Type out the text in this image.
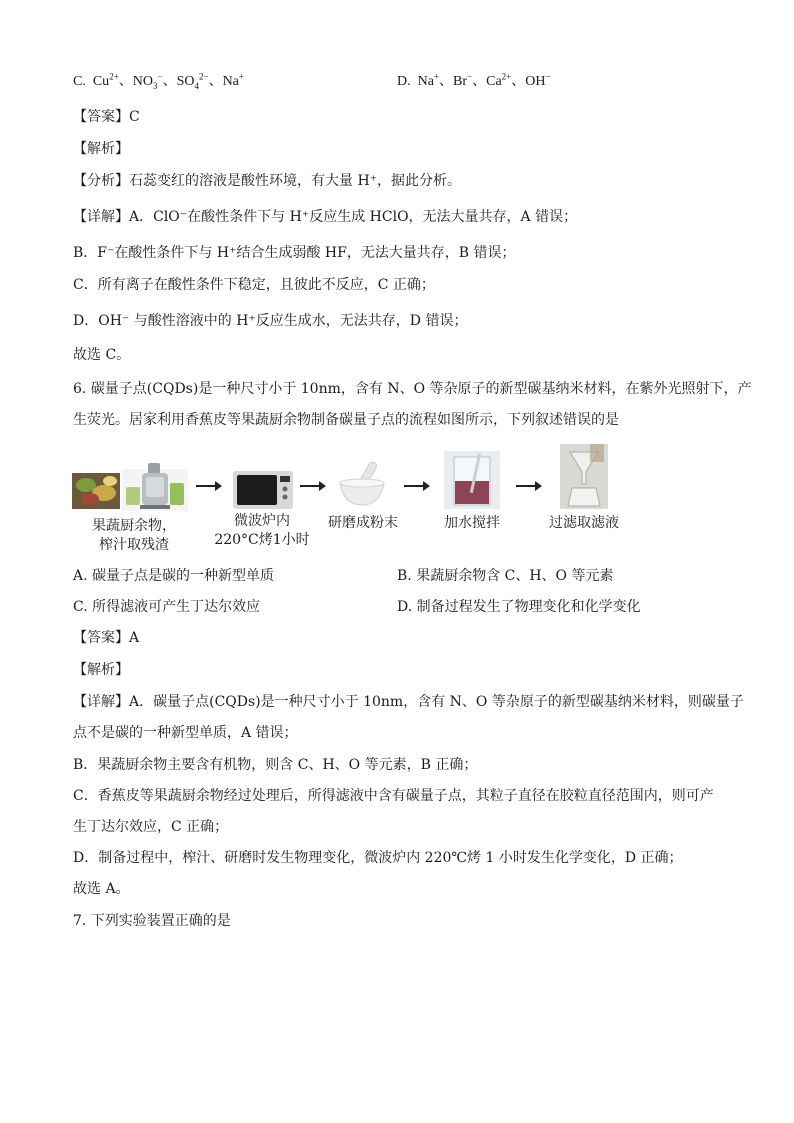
C. $Cu^{2+}$、$NO_3^-$、$SO_4^{2-}$、Na+	D. Na+、Br−、$Ca^{2+}$、OH−
【答案】C
【解析】
【分析】石蕊变红的溶液是酸性环境，有大量 H⁺，据此分析。
【详解】A．ClO⁻在酸性条件下与 H⁺反应生成 HClO，无法大量共存，A 错误；
B．F⁻在酸性条件下与 H⁺结合生成弱酸 HF，无法大量共存，B 错误；
C．所有离子在酸性条件下稳定，且彼此不反应，C 正确；
D．OH⁻ 与酸性溶液中的 H⁺反应生成水，无法共存，D 错误；
故选 C。
6. 碳量子点(CQDs)是一种尺寸小于 10nm，含有 N、O 等杂原子的新型碳基纳米材料，在紫外光照射下，产
生荧光。居家利用香蕉皮等果蔬厨余物制备碳量子点的流程如图所示，下列叙述错误的是
果蔬厨余物，
榨汁取残渣
微波炉内
220°C烤1小时
研磨成粉末	加水搅拌	过滤取滤液
A. 碳量子点是碳的一种新型单质	B. 果蔬厨余物含 C、H、O 等元素
C. 所得滤液可产生丁达尔效应	D. 制备过程发生了物理变化和化学变化
【答案】A
【解析】
【详解】A．碳量子点(CQDs)是一种尺寸小于 10nm，含有 N、O 等杂原子的新型碳基纳米材料，则碳量子
点不是碳的一种新型单质，A 错误；
B．果蔬厨余物主要含有机物，则含 C、H、O 等元素，B 正确；
C．香蕉皮等果蔬厨余物经过处理后，所得滤液中含有碳量子点，其粒子直径在胶粒直径范围内，则可产
生丁达尔效应，C 正确；
D．制备过程中，榨汁、研磨时发生物理变化，微波炉内 220℃烤 1 小时发生化学变化，D 正确；
故选 A。
7. 下列实验装置正确的是
